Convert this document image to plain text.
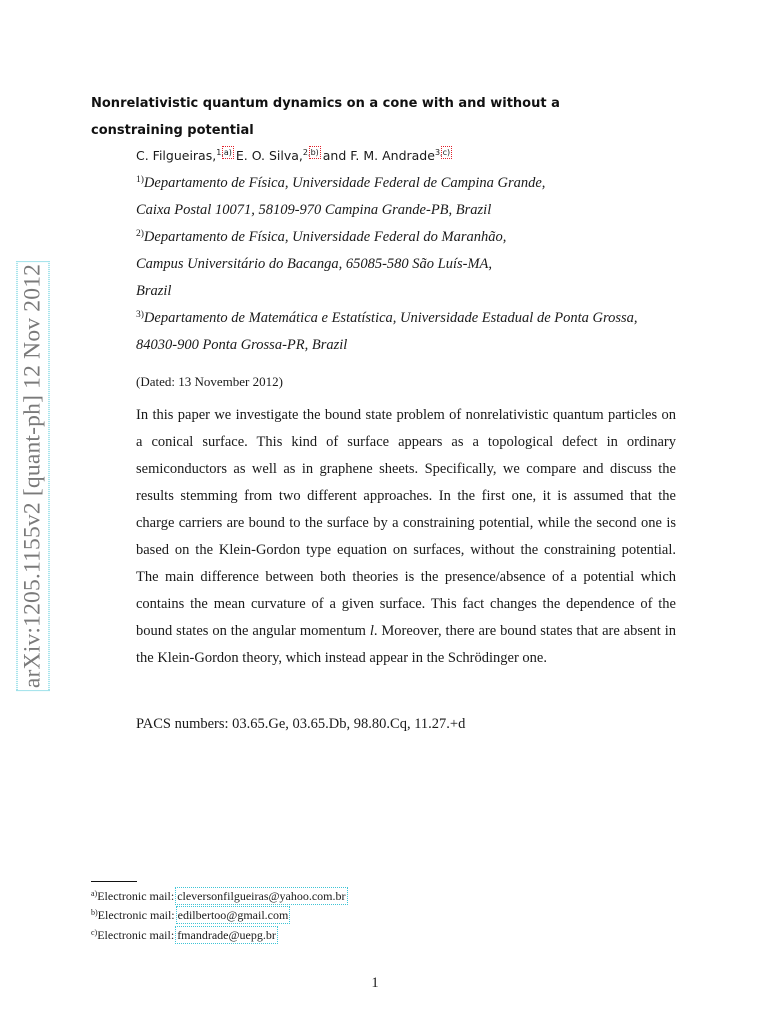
arXiv:1205.1155v2 [quant-ph] 12 Nov 2012
Nonrelativistic quantum dynamics on a cone with and without a constraining potential
C. Filgueiras,$^{1,a)}$ E. O. Silva,$^{2,b)}$ and F. M. Andrade$^{3,c)}$
$^{1)}$Departamento de Física, Universidade Federal de Campina Grande,
Caixa Postal 10071, 58109-970 Campina Grande-PB, Brazil
$^{2)}$Departamento de Física, Universidade Federal do Maranhão,
Campus Universitário do Bacanga, 65085-580 São Luís-MA,
Brazil
$^{3)}$Departamento de Matemática e Estatística, Universidade Estadual de Ponta Grossa,
84030-900 Ponta Grossa-PR, Brazil
(Dated: 13 November 2012)

In this paper we investigate the bound state problem of nonrelativistic quantum particles on a conical surface. This kind of surface appears as a topological defect in ordinary semiconductors as well as in graphene sheets. Specifically, we compare and discuss the results stemming from two different approaches. In the first one, it is assumed that the charge carriers are bound to the surface by a constraining potential, while the second one is based on the Klein-Gordon type equation on surfaces, without the constraining potential. The main difference between both theories is the presence/absence of a potential which contains the mean curvature of a given surface. This fact changes the dependence of the bound states on the angular momentum l. Moreover, there are bound states that are absent in the Klein-Gordon theory, which instead appear in the Schrödinger one.

PACS numbers: 03.65.Ge, 03.65.Db, 98.80.Cq, 11.27.+d
$^{a)}$Electronic mail: cleversonfilgueiras@yahoo.com.br
$^{b)}$Electronic mail: edilbertoo@gmail.com
$^{c)}$Electronic mail: fmandrade@uepg.br
1
